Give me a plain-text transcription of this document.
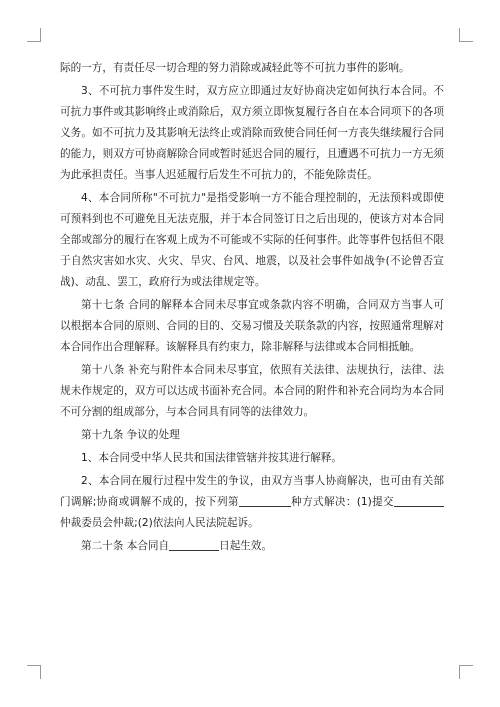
际的一方，有责任尽一切合理的努力消除或减轻此等不可抗力事件的影响。

3、不可抗力事件发生时，双方应立即通过友好协商决定如何执行本合同。不可抗力事件或其影响终止或消除后，双方须立即恢复履行各自在本合同项下的各项义务。如不可抗力及其影响无法终止或消除而致使合同任何一方丧失继续履行合同的能力，则双方可协商解除合同或暂时延迟合同的履行，且遭遇不可抗力一方无须为此承担责任。当事人迟延履行后发生不可抗力的，不能免除责任。

4、本合同所称"不可抗力"是指受影响一方不能合理控制的，无法预料或即使可预料到也不可避免且无法克服，并于本合同签订日之后出现的，使该方对本合同全部或部分的履行在客观上成为不可能或不实际的任何事件。此等事件包括但不限于自然灾害如水灾、火灾、旱灾、台风、地震，以及社会事件如战争(不论曾否宣战)、动乱、罢工，政府行为或法律规定等。

第十七条 合同的解释本合同未尽事宜或条款内容不明确，合同双方当事人可以根据本合同的原则、合同的目的、交易习惯及关联条款的内容，按照通常理解对本合同作出合理解释。该解释具有约束力，除非解释与法律或本合同相抵触。

第十八条 补充与附件本合同未尽事宜，依照有关法律、法规执行，法律、法规未作规定的，双方可以达成书面补充合同。本合同的附件和补充合同均为本合同不可分割的组成部分，与本合同具有同等的法律效力。

第十九条 争议的处理

1、本合同受中华人民共和国法律管辖并按其进行解释。

2、本合同在履行过程中发生的争议，由双方当事人协商解决，也可由有关部门调解;协商或调解不成的，按下列第	种方式解决：(1)提交仲裁委员会仲裁;(2)依法向人民法院起诉。

第二十条 本合同自	日起生效。
